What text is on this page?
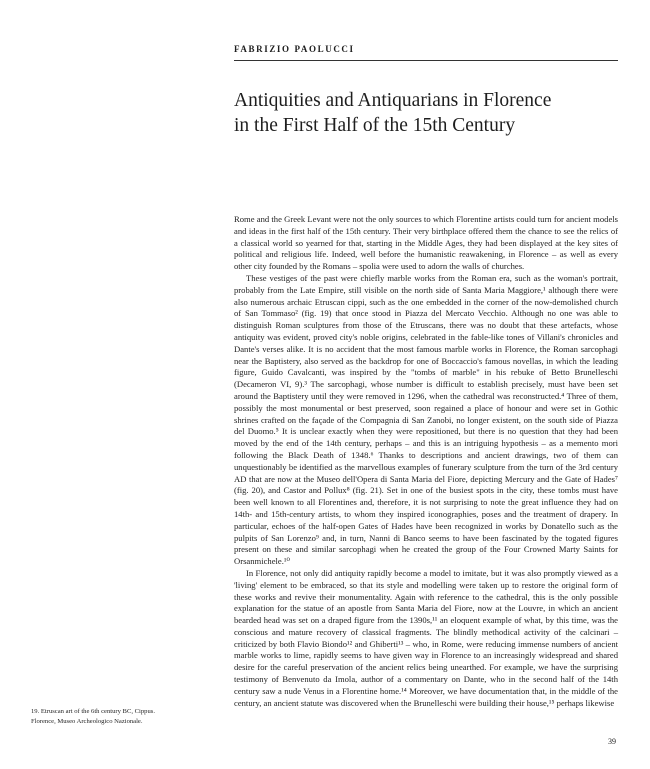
FABRIZIO PAOLUCCI
Antiquities and Antiquarians in Florence
in the First Half of the 15th Century

Rome and the Greek Levant were not the only sources to which Florentine artists could turn for ancient models and ideas in the first half of the 15th century. Their very birthplace offered them the chance to see the relics of a classical world so yearned for that, starting in the Middle Ages, they had been displayed at the key sites of political and religious life. Indeed, well before the humanistic reawakening, in Florence – as well as every other city founded by the Romans – spolia were used to adorn the walls of churches.

These vestiges of the past were chiefly marble works from the Roman era, such as the woman's portrait, probably from the Late Empire, still visible on the north side of Santa Maria Maggiore,¹ although there were also numerous archaic Etruscan cippi, such as the one embedded in the corner of the now-demolished church of San Tommaso² (fig. 19) that once stood in Piazza del Mercato Vecchio. Although no one was able to distinguish Roman sculptures from those of the Etruscans, there was no doubt that these artefacts, whose antiquity was evident, proved city's noble origins, celebrated in the fable-like tones of Villani's chronicles and Dante's verses alike. It is no accident that the most famous marble works in Florence, the Roman sarcophagi near the Baptistery, also served as the backdrop for one of Boccaccio's famous novellas, in which the leading figure, Guido Cavalcanti, was inspired by the "tombs of marble" in his rebuke of Betto Brunelleschi (Decameron VI, 9).³ The sarcophagi, whose number is difficult to establish precisely, must have been set around the Baptistery until they were removed in 1296, when the cathedral was reconstructed.⁴ Three of them, possibly the most monumental or best preserved, soon regained a place of honour and were set in Gothic shrines crafted on the façade of the Compagnia di San Zanobi, no longer existent, on the south side of Piazza del Duomo.⁵ It is unclear exactly when they were repositioned, but there is no question that they had been moved by the end of the 14th century, perhaps – and this is an intriguing hypothesis – as a memento mori following the Black Death of 1348.⁶ Thanks to descriptions and ancient drawings, two of them can unquestionably be identified as the marvellous examples of funerary sculpture from the turn of the 3rd century AD that are now at the Museo dell'Opera di Santa Maria del Fiore, depicting Mercury and the Gate of Hades⁷ (fig. 20), and Castor and Pollux⁸ (fig. 21). Set in one of the busiest spots in the city, these tombs must have been well known to all Florentines and, therefore, it is not surprising to note the great influence they had on 14th- and 15th-century artists, to whom they inspired iconographies, poses and the treatment of drapery. In particular, echoes of the half-open Gates of Hades have been recognized in works by Donatello such as the pulpits of San Lorenzo⁹ and, in turn, Nanni di Banco seems to have been fascinated by the togated figures present on these and similar sarcophagi when he created the group of the Four Crowned Marty Saints for Orsanmichele.¹⁰

In Florence, not only did antiquity rapidly become a model to imitate, but it was also promptly viewed as a 'living' element to be embraced, so that its style and modelling were taken up to restore the original form of these works and revive their monumentality. Again with reference to the cathedral, this is the only possible explanation for the statue of an apostle from Santa Maria del Fiore, now at the Louvre, in which an ancient bearded head was set on a draped figure from the 1390s,¹¹ an eloquent example of what, by this time, was the conscious and mature recovery of classical fragments. The blindly methodical activity of the calcinari – criticized by both Flavio Biondo¹² and Ghiberti¹³ – who, in Rome, were reducing immense numbers of ancient marble works to lime, rapidly seems to have given way in Florence to an increasingly widespread and shared desire for the careful preservation of the ancient relics being unearthed. For example, we have the surprising testimony of Benvenuto da Imola, author of a commentary on Dante, who in the second half of the 14th century saw a nude Venus in a Florentine home.¹⁴ Moreover, we have documentation that, in the middle of the century, an ancient statute was discovered when the Brunelleschi were building their house,¹⁵ perhaps likewise

19. Etruscan art of the 6th century BC, Cippus.
Florence, Museo Archeologico Nazionale.
39
